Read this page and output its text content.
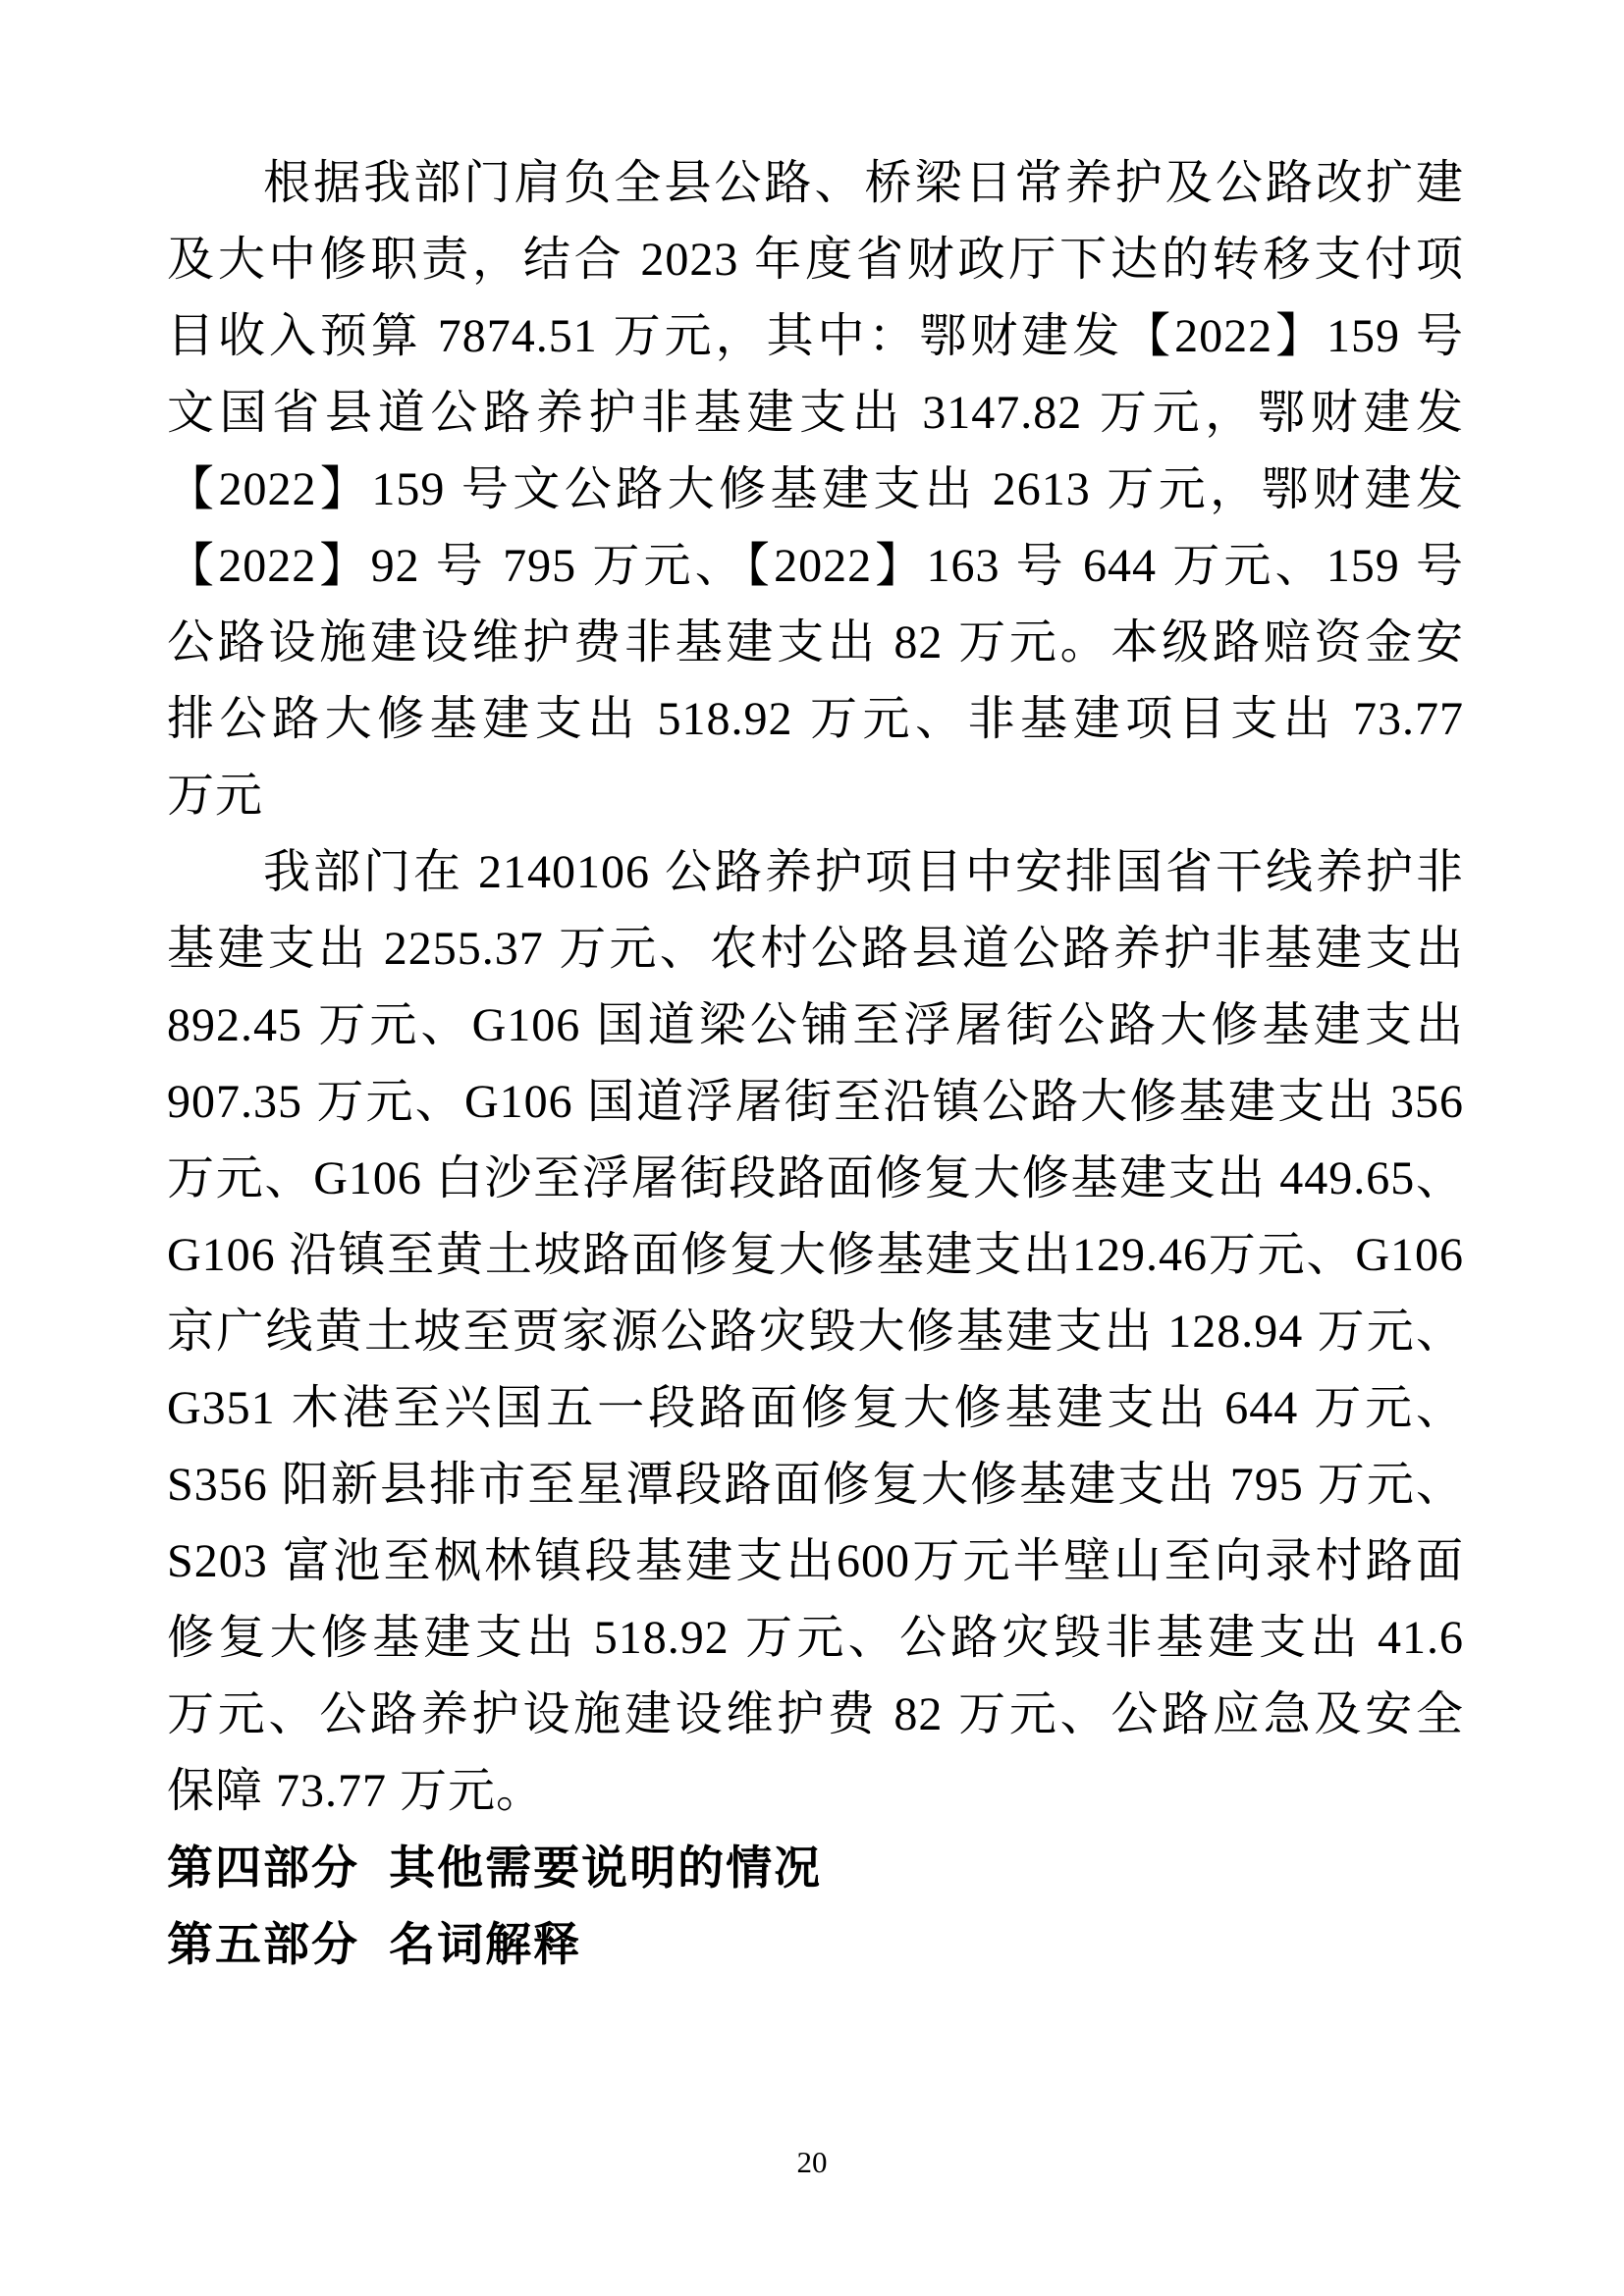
根据我部门肩负全县公路、桥梁日常养护及公路改扩建
及大中修职责，结合 2023 年度省财政厅下达的转移支付项
目收入预算 7874.51 万元，其中：鄂财建发【2022】159 号
文国省县道公路养护非基建支出 3147.82 万元，鄂财建发
【2022】159 号文公路大修基建支出 2613 万元，鄂财建发
【2022】92 号 795 万元、【2022】163 号 644 万元、159 号
公路设施建设维护费非基建支出 82 万元。本级路赔资金安
排公路大修基建支出 518.92 万元、非基建项目支出 73.77
万元
我部门在 2140106 公路养护项目中安排国省干线养护非
基建支出 2255.37 万元、农村公路县道公路养护非基建支出
892.45 万元、G106 国道梁公铺至浮屠街公路大修基建支出
907.35 万元、G106 国道浮屠街至沿镇公路大修基建支出 356
万元、G106 白沙至浮屠街段路面修复大修基建支出 449.65、
G106 沿镇至黄土坡路面修复大修基建支出129.46万元、G106
京广线黄土坡至贾家源公路灾毁大修基建支出 128.94 万元、
G351 木港至兴国五一段路面修复大修基建支出 644 万元、
S356 阳新县排市至星潭段路面修复大修基建支出 795 万元、
S203 富池至枫林镇段基建支出600万元半壁山至向录村路面
修复大修基建支出 518.92 万元、公路灾毁非基建支出 41.6
万元、公路养护设施建设维护费 82 万元、公路应急及安全
保障 73.77 万元。
第四部分  其他需要说明的情况
第五部分  名词解释
20
